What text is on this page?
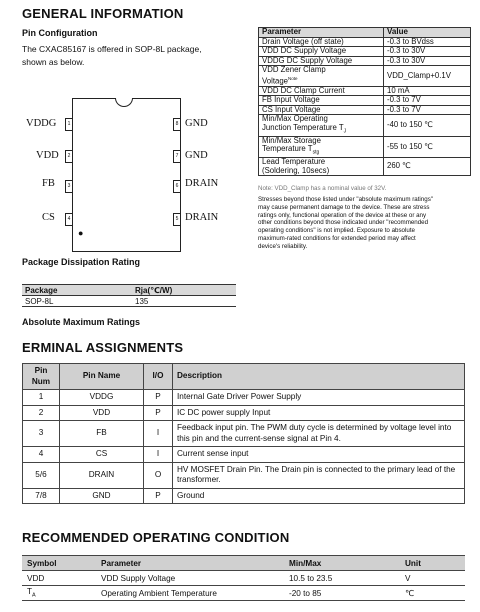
GENERAL INFORMATION
Pin Configuration
The CXAC85167 is offered in SOP-8L package,
shown as below.
●
VDDG	1
VDD	2
FB	3
CS	4
8 GND
7 GND
6 DRAIN
5 DRAIN
Parameter	Value
Drain Voltage (off state)	-0.3 to BVdss
VDD DC Supply Voltage	-0.3 to 30V
VDDG DC Supply Voltage	-0.3 to 30V

VDD Zener Clamp
Voltage$^{Note}$	VDD_Clamp+0.1V
VDD DC Clamp Current	10 mA
FB Input Voltage	-0.3 to 7V
CS Input Voltage	-0.3 to 7V

Min/Max Operating
Junction Temperature $T_J$	-40 to 150 ℃

Min/Max Storage
Temperature $T_{stg}$	-55 to 150 ℃

Lead Temperature
(Soldering, 10secs)	260 ℃
Note: VDD_Clamp has a nominal value of 32V.
Stresses beyond those listed under "absolute maximum ratings"
may cause permanent damage to the device. These are stress
ratings only, functional operation of the device at these or any
other conditions beyond those indicated under "recommended
operating conditions" is not implied. Exposure to absolute
maximum-rated conditions for extended period may affect
device's reliability.
Package Dissipation Rating
Package	Rja(℃/W)
SOP-8L	135
Absolute Maximum Ratings
ERMINAL ASSIGNMENTS
Pin
Num	Pin Name	I/O	Description
1	VDDG	P	Internal Gate Driver Power Supply
2	VDD	P	IC DC power supply Input
3	FB	I	Feedback input pin. The PWM duty cycle is determined by voltage level into this pin and the current-sense signal at Pin 4.
4	CS	I	Current sense input
5/6	DRAIN	O	HV MOSFET Drain Pin. The Drain pin is connected to the primary lead of the transformer.
7/8	GND	P	Ground
RECOMMENDED OPERATING CONDITION
Symbol	Parameter	Min/Max	Unit
VDD	VDD Supply Voltage	10.5 to 23.5	V
$T_A$	Operating Ambient Temperature	-20 to 85	℃
